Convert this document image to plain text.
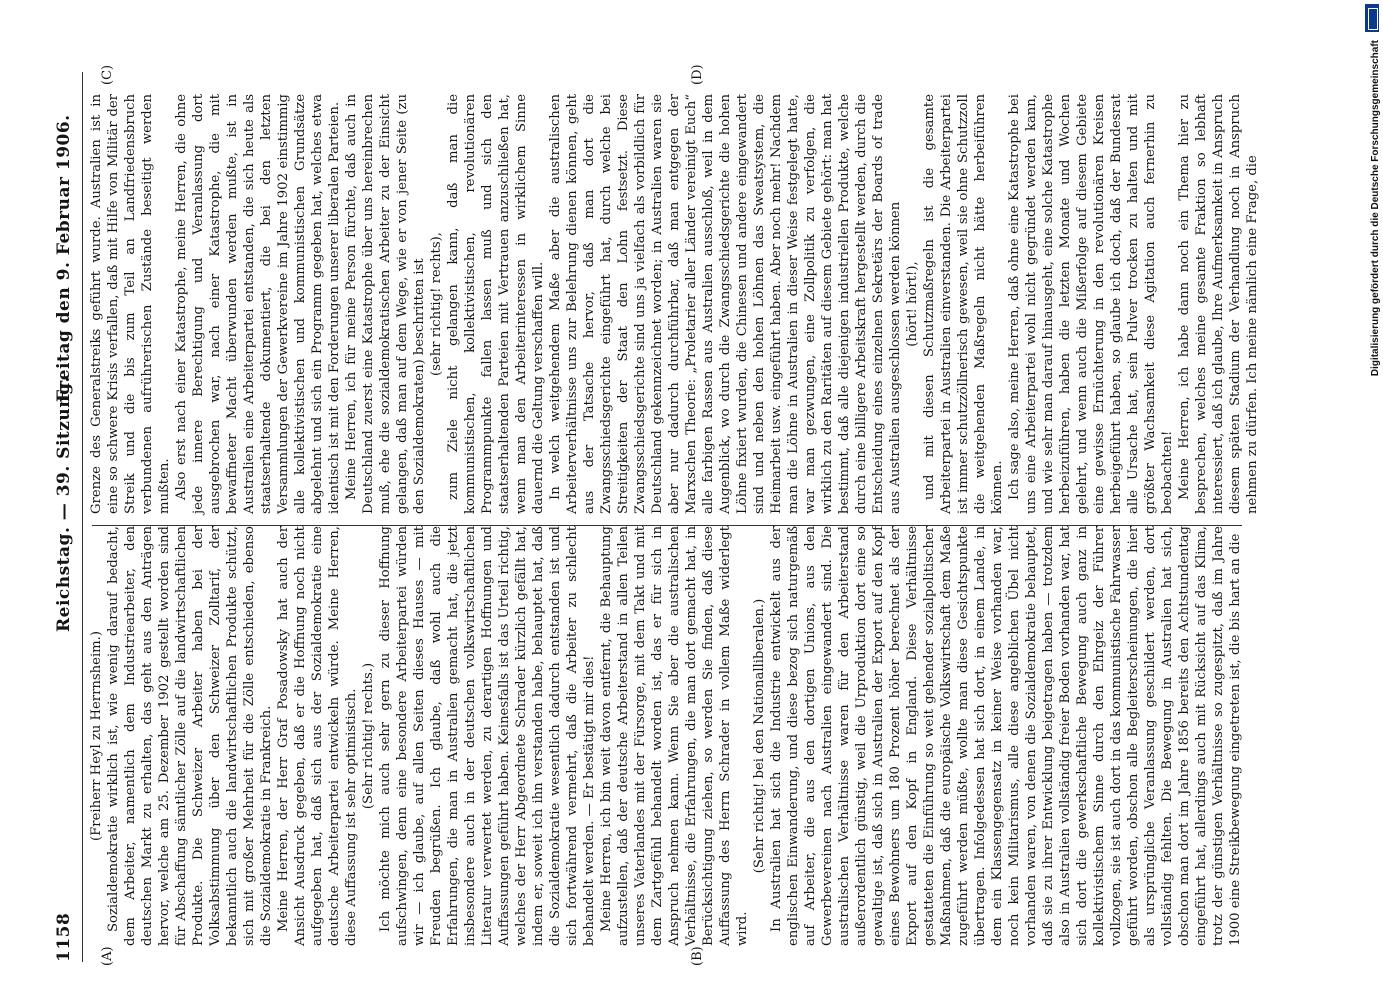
1158
Reichstag. — 39. Sitzung.
Freitag den 9. Februar 1906.
(A)	(B)
(C)	(D)

(Freiherr Heyl zu Herrnsheim.) Sozialdemokratie wirklich ist, wie wenig darauf bedacht, dem Arbeiter, namentlich dem Industriearbeiter, den deutschen Markt zu erhalten, das geht aus den Anträgen hervor, welche am 25. Dezember 1902 gestellt worden sind für Abschaffung sämtlicher Zölle auf die landwirtschaftlichen Produkte. Die Schweizer Arbeiter haben bei der Volksabstimmung über den Schweizer Zolltarif, der bekanntlich auch die landwirtschaftlichen Produkte schützt, sich mit großer Mehrheit für die Zölle entschieden, ebenso die Sozialdemokratie in Frankreich. Meine Herren, der Herr Graf Posadowsky hat auch der Ansicht Ausdruck gegeben, daß er die Hoffnung noch nicht aufgegeben hat, daß sich aus der Sozialdemokratie eine deutsche Arbeiterpartei entwickeln würde. Meine Herren, diese Auffassung ist sehr optimistisch. (Sehr richtig! rechts.) Ich möchte mich auch sehr gern zu dieser Hoffnung aufschwingen, denn eine besondere Arbeiterpartei würden wir — ich glaube, auf allen Seiten dieses Hauses — mit Freuden begrüßen. Ich glaube, daß wohl auch die Erfahrungen, die man in Australien gemacht hat, die jetzt insbesondere auch in der deutschen volkswirtschaftlichen Literatur verwertet werden, zu derartigen Hoffnungen und Auffassungen geführt haben. Keinesfalls ist das Urteil richtig, welches der Herr Abgeordnete Schrader kürzlich gefällt hat, indem er, soweit ich ihn verstanden habe, behauptet hat, daß die Sozialdemokratie wesentlich dadurch entstanden ist und sich fortwährend vermehrt, daß die Arbeiter zu schlecht behandelt werden. — Er bestätigt mir dies! Meine Herren, ich bin weit davon entfernt, die Behauptung aufzustellen, daß der deutsche Arbeiterstand in allen Teilen unseres Vaterlandes mit der Fürsorge, mit dem Takt und mit dem Zartgefühl behandelt worden ist, das er für sich in Anspruch nehmen kann. Wenn Sie aber die australischen Verhältnisse, die Erfahrungen, die man dort gemacht hat, in Berücksichtigung ziehen, so werden Sie finden, daß diese Auffassung des Herrn Schrader in vollem Maße widerlegt wird.

(Sehr richtig! bei den Nationalliberalen.) In Australien hat sich die Industrie entwickelt aus der englischen Einwanderung, und diese bezog sich naturgemäß auf Arbeiter, die aus den dortigen Unions, aus den Gewerbevereinen nach Australien eingewandert sind. Die australischen Verhältnisse waren für den Arbeiterstand außerordentlich günstig, weil die Urproduktion dort eine so gewaltige ist, daß sich in Australien der Export auf den Kopf eines Bewohners um 180 Prozent höher berechnet als der Export auf den Kopf in England. Diese Verhältnisse gestatteten die Einführung so weit gehender sozialpolitischer Maßnahmen, daß die europäische Volkswirtschaft dem Maße zugeführt werden müßte, wollte man diese Gesichtspunkte übertragen. Infolgedessen hat sich dort, in einem Lande, in dem ein Klassengegensatz in keiner Weise vorhanden war, noch kein Militarismus, alle diese angeblichen Übel nicht vorhanden waren, von denen die Sozialdemokratie behauptet, daß sie zu ihrer Entwicklung beigetragen haben — trotzdem also in Australien vollständig freier Boden vorhanden war, hat sich dort die gewerkschaftliche Bewegung auch ganz in kollektivistischem Sinne durch den Ehrgeiz der Führer vollzogen, sie ist auch dort in das kommunistische Fahrwasser geführt worden, obschon alle Begleiterscheinungen, die hier als ursprüngliche Veranlassung geschildert werden, dort vollständig fehlten. Die Bewegung in Australien hat sich, obschon man dort im Jahre 1856 bereits den Achtstundentag eingeführt hat, allerdings auch mit Rücksicht auf das Klima, trotz der günstigen Verhältnisse so zugespitzt, daß im Jahre 1900 eine Streikbewegung eingetreten ist, die bis hart an die

Grenze des Generalstreiks geführt wurde. Australien ist in eine so schwere Krisis verfallen, daß mit Hilfe von Militär der Streik und die bis zum Teil an Landfriedensbruch verbundenen aufrührerischen Zustände beseitigt werden mußten. Also erst nach einer Katastrophe, meine Herren, die ohne jede innere Berechtigung und Veranlassung dort ausgebrochen war, nach einer Katastrophe, die mit bewaffneter Macht überwunden werden mußte, ist in Australien eine Arbeiterpartei entstanden, die sich heute als staatserhaltende dokumentiert, die bei den letzten Versammlungen der Gewerkvereine im Jahre 1902 einstimmig alle kollektivistischen und kommunistischen Grundsätze abgelehnt und sich ein Programm gegeben hat, welches etwa identisch ist mit den Forderungen unserer liberalen Parteien. Meine Herren, ich für meine Person fürchte, daß auch in Deutschland zuerst eine Katastrophe über uns hereinbrechen muß, ehe die sozialdemokratischen Arbeiter zu der Einsicht gelangen, daß man auf dem Wege, wie er von jener Seite (zu den Sozialdemokraten) beschritten ist (sehr richtig! rechts), zum Ziele nicht gelangen kann, daß man die kommunistischen, kollektivistischen, revolutionären Programmpunkte fallen lassen muß und sich den staatserhaltenden Parteien mit Vertrauen anzuschließen hat, wenn man den Arbeiterinteressen in wirklichem Sinne dauernd die Geltung verschaffen will. In welch weitgehendem Maße aber die australischen Arbeiterverhältnisse uns zur Belehrung dienen können, geht aus der Tatsache hervor, daß man dort die Zwangsschiedsgerichte eingeführt hat, durch welche bei Streitigkeiten der Staat den Lohn festsetzt. Diese Zwangsschiedsgerichte sind uns ja vielfach als vorbildlich für Deutschland gekennzeichnet worden; in Australien waren sie aber nur dadurch durchführbar, daß man entgegen der Marxschen Theorie: „Proletarier aller Länder vereinigt Euch“ alle farbigen Rassen aus Australien ausschloß, weil in dem Augenblick, wo durch die Zwangsschiedsgerichte die hohen Löhne fixiert wurden, die Chinesen und andere eingewandert sind und neben den hohen Löhnen das Sweatsystem, die Heimarbeit usw. eingeführt haben. Aber noch mehr! Nachdem man die Löhne in Australien in dieser Weise festgelegt hatte, war man gezwungen, eine Zollpolitik zu verfolgen, die wirklich zu den Raritäten auf diesem Gebiete gehört: man hat bestimmt, daß alle diejenigen industriellen Produkte, welche durch eine billigere Arbeitskraft hergestellt werden, durch die Entscheidung eines einzelnen Sekretärs der Boards of trade aus Australien ausgeschlossen werden können (hört! hört!), und mit diesen Schutzmaßregeln ist die gesamte Arbeiterpartei in Australien einverstanden. Die Arbeiterpartei ist immer schutzzöllnerisch gewesen, weil sie ohne Schutzzoll die weitgehenden Maßregeln nicht hätte herbeiführen können. Ich sage also, meine Herren, daß ohne eine Katastrophe bei uns eine Arbeiterpartei wohl nicht gegründet werden kann, und wie sehr man darauf hinausgeht, eine solche Katastrophe herbeizuführen, haben die letzten Monate und Wochen gelehrt, und wenn auch die Mißerfolge auf diesem Gebiete eine gewisse Ernüchterung in den revolutionären Kreisen herbeigeführt haben, so glaube ich doch, daß der Bundesrat alle Ursache hat, sein Pulver trocken zu halten und mit größter Wachsamkeit diese Agitation auch fernerhin zu beobachten! Meine Herren, ich habe dann noch ein Thema hier zu besprechen, welches meine gesamte Fraktion so lebhaft interessiert, daß ich glaube, Ihre Aufmerksamkeit in Anspruch diesem späten Stadium der Verhandlung noch in Anspruch nehmen zu dürfen. Ich meine nämlich eine Frage, die	Digitalisierung gefördert durch die Deutsche Forschungsgemeinschaft
